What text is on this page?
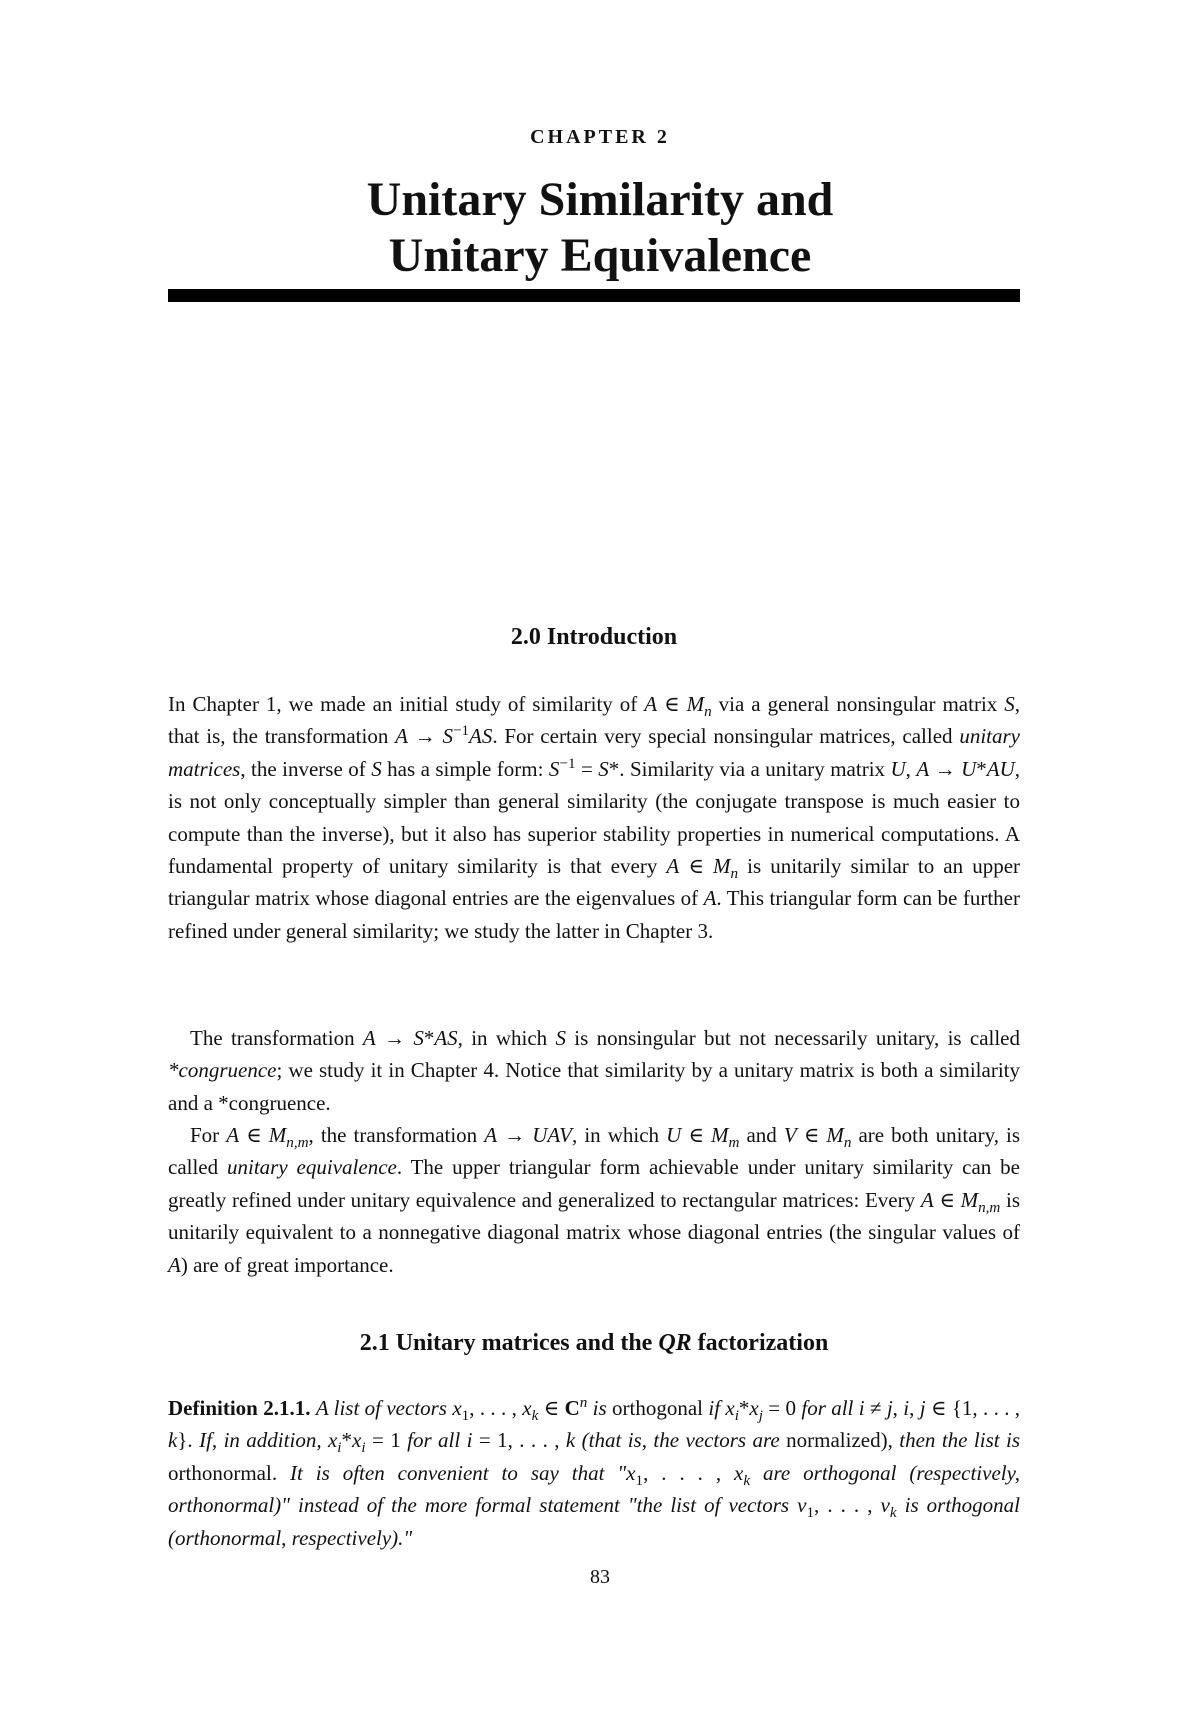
CHAPTER 2
Unitary Similarity and
Unitary Equivalence
2.0 Introduction

In Chapter 1, we made an initial study of similarity of A ∈ $M_n$ via a general nonsingular matrix S, that is, the transformation $A \to S^{-1}AS$. For certain very special nonsingular matrices, called unitary matrices, the inverse of S has a simple form: $S^{-1} = S*$. Similarity via a unitary matrix U, A → U*AU, is not only conceptually simpler than general similarity (the conjugate transpose is much easier to compute than the inverse), but it also has superior stability properties in numerical computations. A fundamental property of unitary similarity is that every A ∈ $M_n$ is unitarily similar to an upper triangular matrix whose diagonal entries are the eigenvalues of A. This triangular form can be further refined under general similarity; we study the latter in Chapter 3.

The transformation A → S*AS, in which S is nonsingular but not necessarily unitary, is called *congruence; we study it in Chapter 4. Notice that similarity by a unitary matrix is both a similarity and a *congruence.

For A ∈ $M_{n,m}$, the transformation A → UAV, in which U ∈ $M_m$ and V ∈ $M_n$ are both unitary, is called unitary equivalence. The upper triangular form achievable under unitary similarity can be greatly refined under unitary equivalence and generalized to rectangular matrices: Every A ∈ $M_{n,m}$ is unitarily equivalent to a nonnegative diagonal matrix whose diagonal entries (the singular values of A) are of great importance.

2.1 Unitary matrices and the QR factorization

Definition 2.1.1. A list of vectors $x_1$, . . . , $x_k$ ∈ $C^n$ is orthogonal if $x_i*x_j = 0$ for all i ≠ j, i, j ∈ {1, . . . , k}. If, in addition, $x_i*x_i = 1$ for all i = 1, . . . , k (that is, the vectors are normalized), then the list is orthonormal. It is often convenient to say that "$x_1$, . . . , $x_k$ are orthogonal (respectively, orthonormal)" instead of the more formal statement "the list of vectors $v_1$, . . . , $v_k$ is orthogonal (orthonormal, respectively)."

83
